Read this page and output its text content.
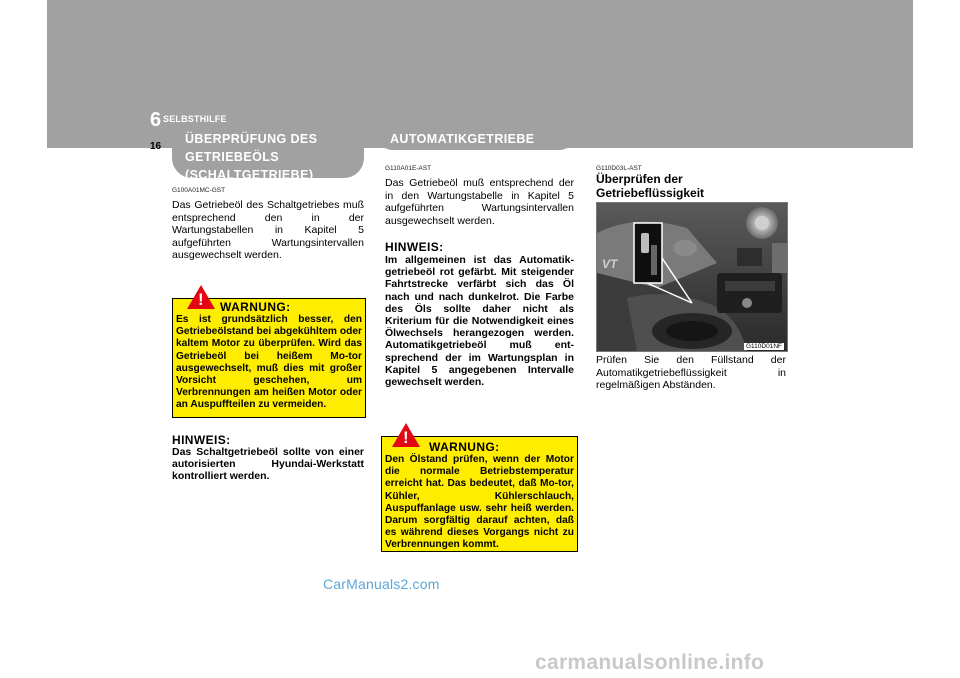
6 SELBSTHILFE
16
ÜBERPRÜFUNG DES
GETRIEBEÖLS
(SCHALTGETRIEBE)
G100A01MC-GST
Das Getriebeöl des Schaltgetriebes muß entsprechend den in der Wartungstabellen in Kapitel 5 aufgeführten Wartungsintervallen ausgewechselt werden.
! WARNUNG:
Es ist grundsätzlich besser, den Getriebeölstand bei abgekühltem oder kaltem Motor zu überprüfen. Wird das Getriebeöl bei heißem Mo-tor ausgewechselt, muß dies mit großer Vorsicht geschehen, um Verbrennungen am heißen Motor oder an Auspuffteilen zu vermeiden.
HINWEIS:
Das Schaltgetriebeöl sollte von einer autorisierten Hyundai-Werkstatt kontrolliert werden.
AUTOMATIKGETRIEBE
G110A01E-AST
Das Getriebeöl muß entsprechend der in den Wartungstabelle in Kapitel 5 aufgeführten Wartungsintervallen ausgewechselt werden.
HINWEIS:
Im allgemeinen ist das Automatik-getriebeöl rot gefärbt. Mit steigender Fahrtstrecke verfärbt sich das Öl nach und nach dunkelrot. Die Farbe des Öls sollte daher nicht als Kriterium für die Notwendigkeit eines Ölwechsels herangezogen werden. Automatikgetriebeöl muß ent-sprechend der im Wartungsplan in Kapitel 5 angegebenen Intervalle gewechselt werden.
! WARNUNG:
Den Ölstand prüfen, wenn der Motor die normale Betriebstemperatur erreicht hat. Das bedeutet, daß Mo-tor, Kühler, Kühlerschlauch, Auspuffanlage usw. sehr heiß werden. Darum sorgfältig darauf achten, daß es während dieses Vorgangs nicht zu Verbrennungen kommt.
G110D03L-AST
Überprüfen der
Getriebeflüssigkeit
VT
G110D01NF
Prüfen Sie den Füllstand der Automatikgetriebeflüssigkeit in regelmäßigen Abständen.
CarManuals2.com
carmanualsonline.info
